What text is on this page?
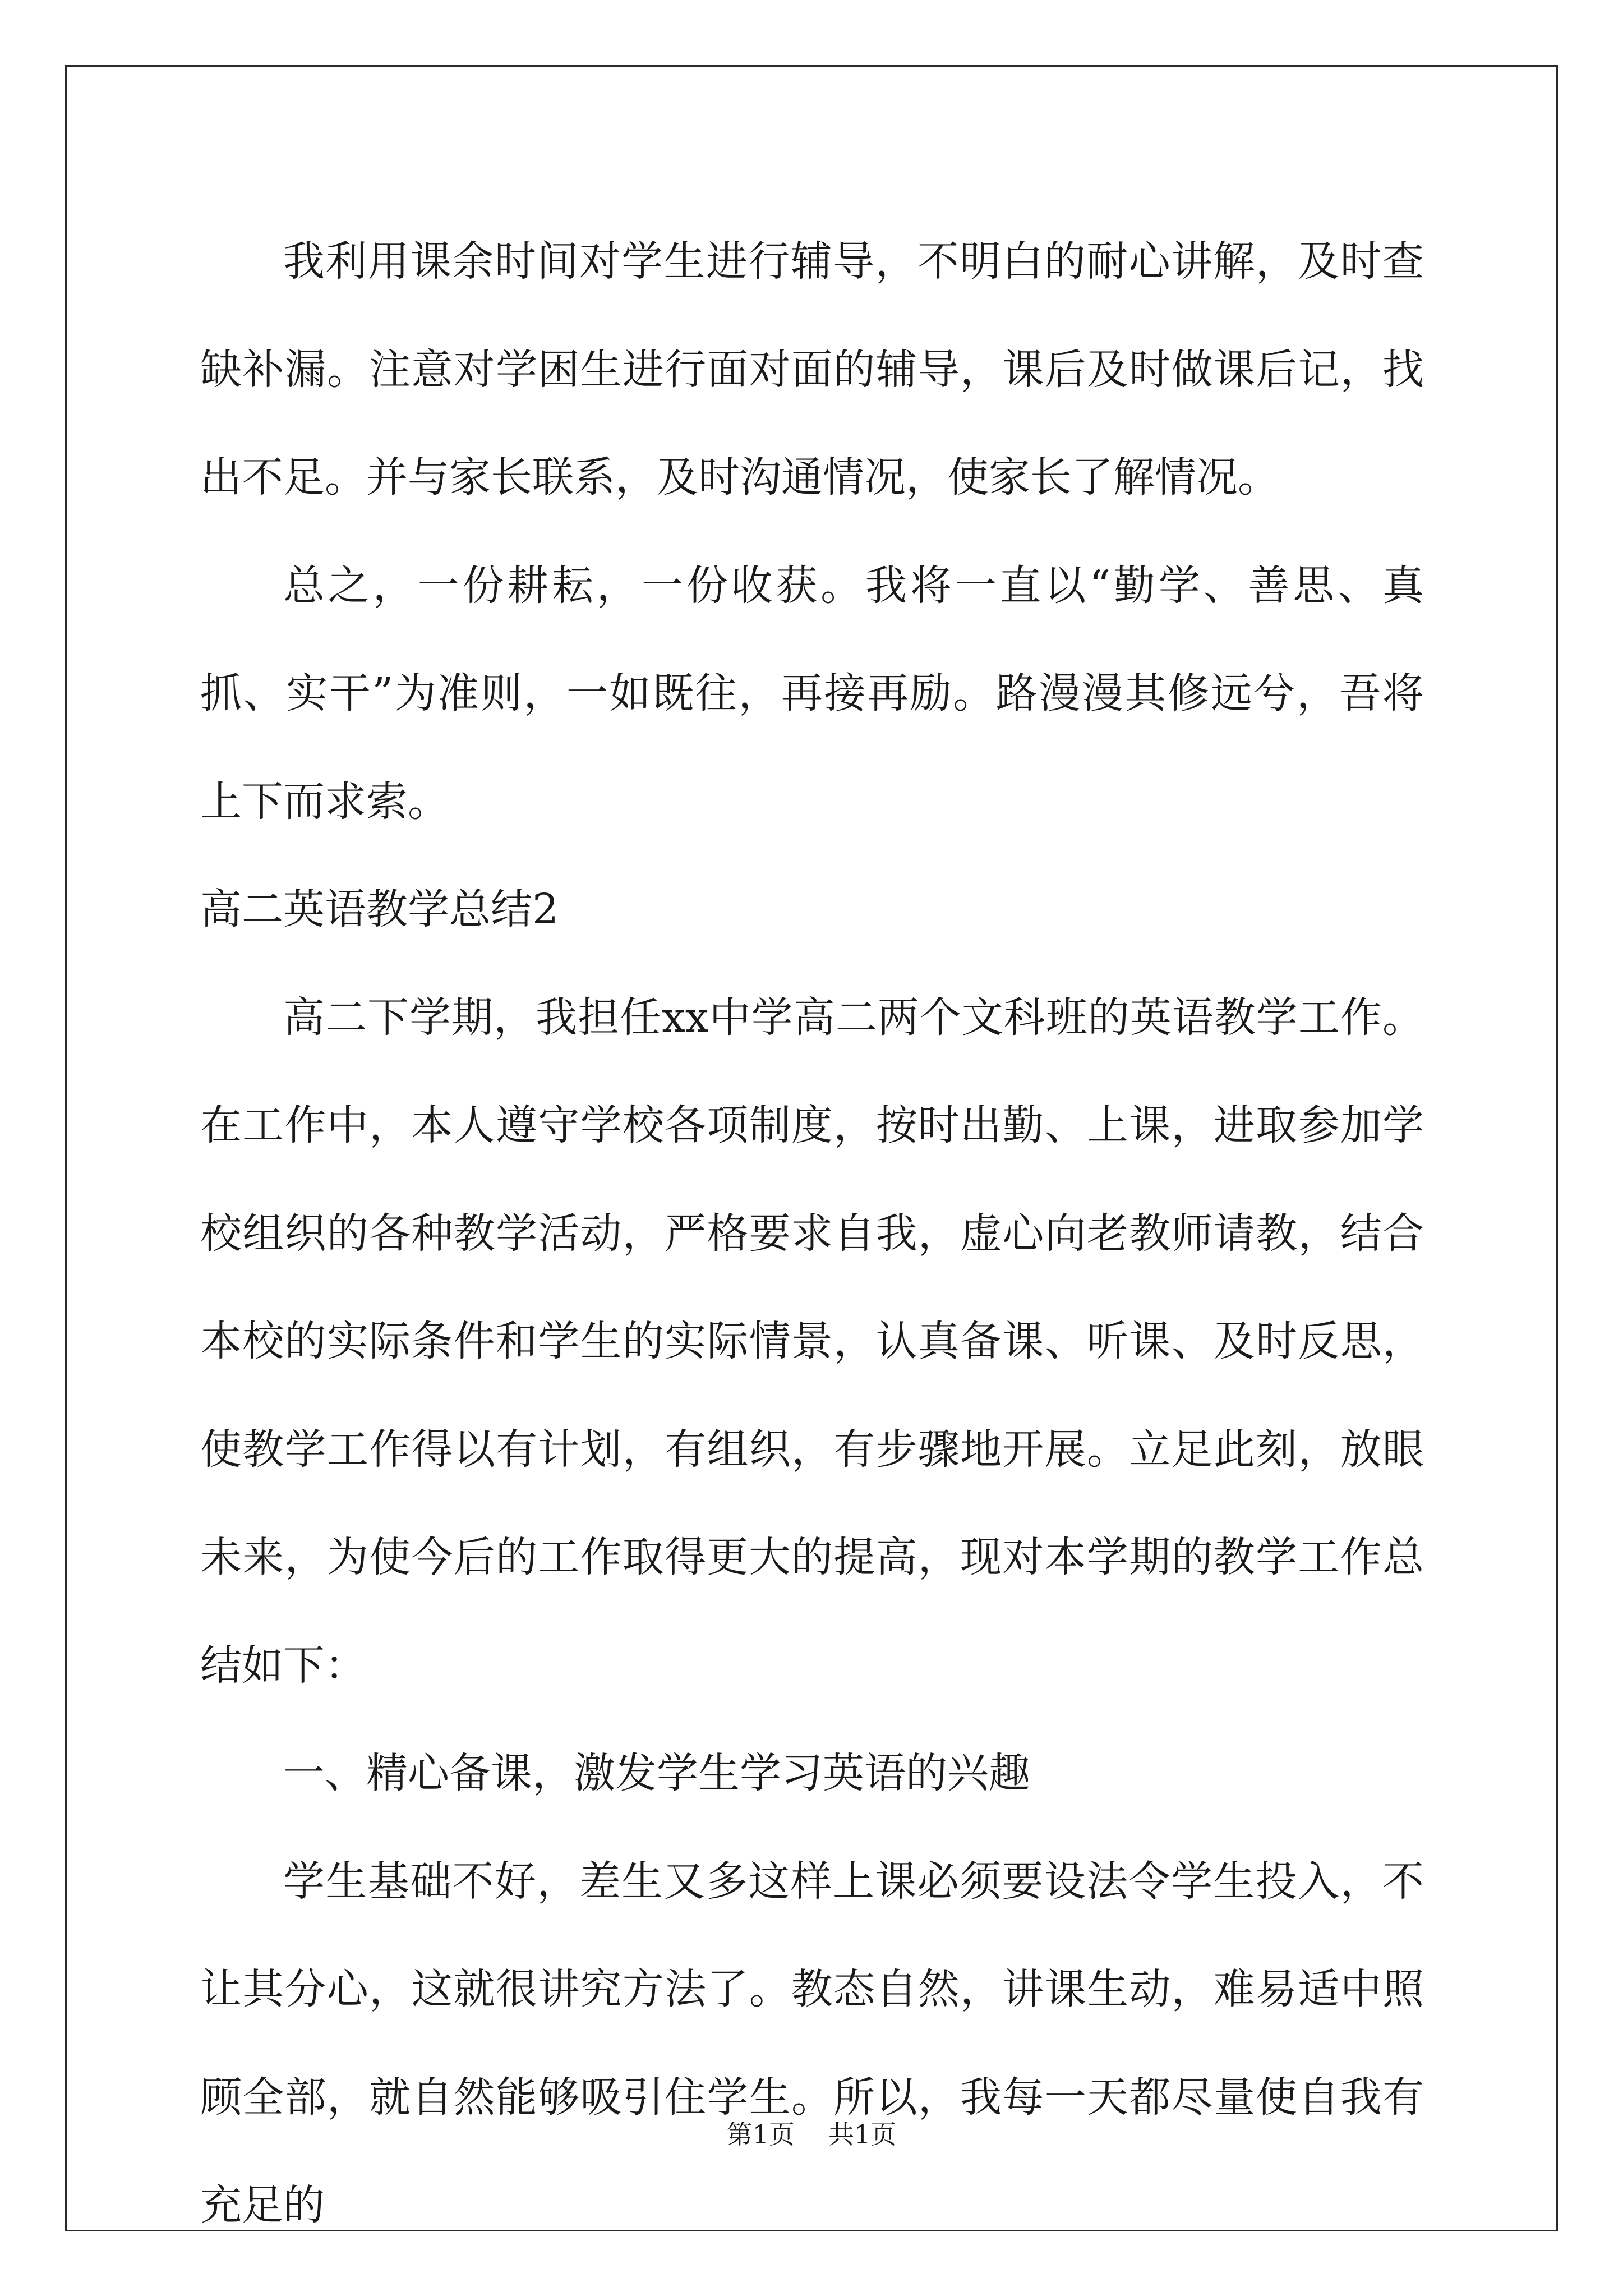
我利用课余时间对学生进行辅导，不明白的耐心讲解，及时查缺补漏。注意对学困生进行面对面的辅导，课后及时做课后记，找出不足。并与家长联系，及时沟通情况，使家长了解情况。

总之，一份耕耘，一份收获。我将一直以“勤学、善思、真抓、实干”为准则，一如既往，再接再励。路漫漫其修远兮，吾将上下而求索。

高二英语教学总结2

高二下学期，我担任xx中学高二两个文科班的英语教学工作。在工作中，本人遵守学校各项制度，按时出勤、上课，进取参加学校组织的各种教学活动，严格要求自我，虚心向老教师请教，结合本校的实际条件和学生的实际情景，认真备课、听课、及时反思，使教学工作得以有计划，有组织，有步骤地开展。立足此刻，放眼未来，为使今后的工作取得更大的提高，现对本学期的教学工作总结如下：

一、精心备课，激发学生学习英语的兴趣

学生基础不好，差生又多这样上课必须要设法令学生投入，不让其分心，这就很讲究方法了。教态自然，讲课生动，难易适中照顾全部，就自然能够吸引住学生。所以，我每一天都尽量使自我有充足的

第1页 共1页
